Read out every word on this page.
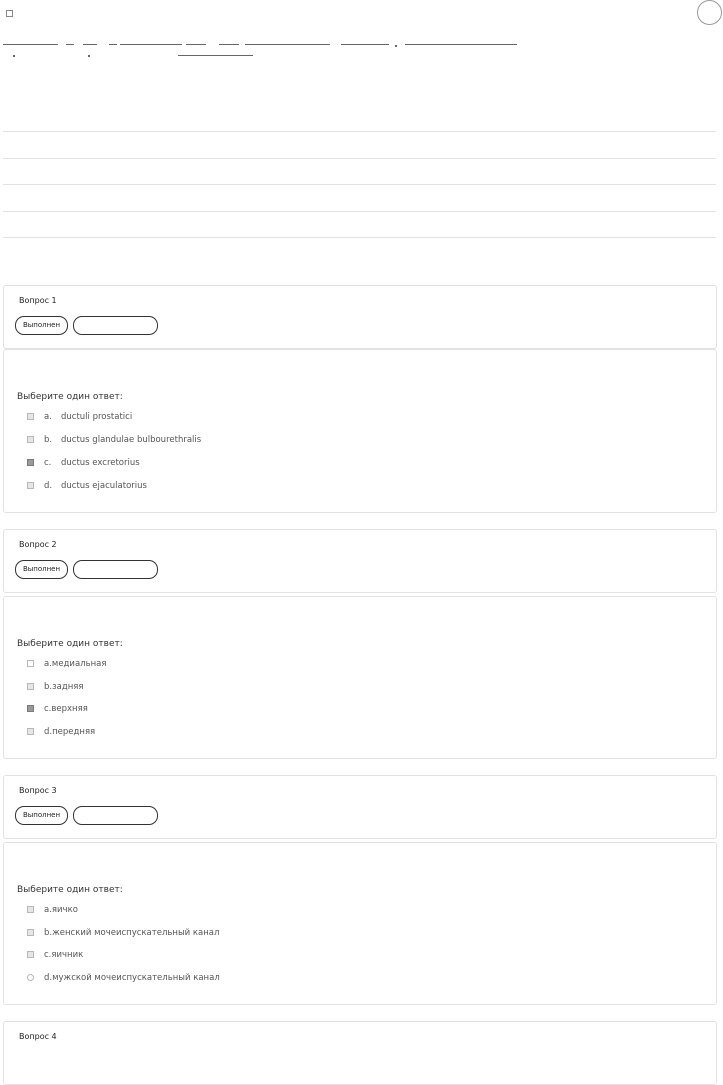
Вопрос 1
Выполнен
Выберите один ответ:
a. ductuli prostatici
b. ductus glandulae bulbourethralis
c. ductus excretorius
d. ductus ejaculatorius
Вопрос 2
Выполнен
Выберите один ответ:
a.медиальная
b.задняя
c.верхняя
d.передняя
Вопрос 3
Выполнен
Выберите один ответ:
a.яичко
b.женский мочеиспускательный канал
c.яичник
d.мужской мочеиспускательный канал
Вопрос 4
